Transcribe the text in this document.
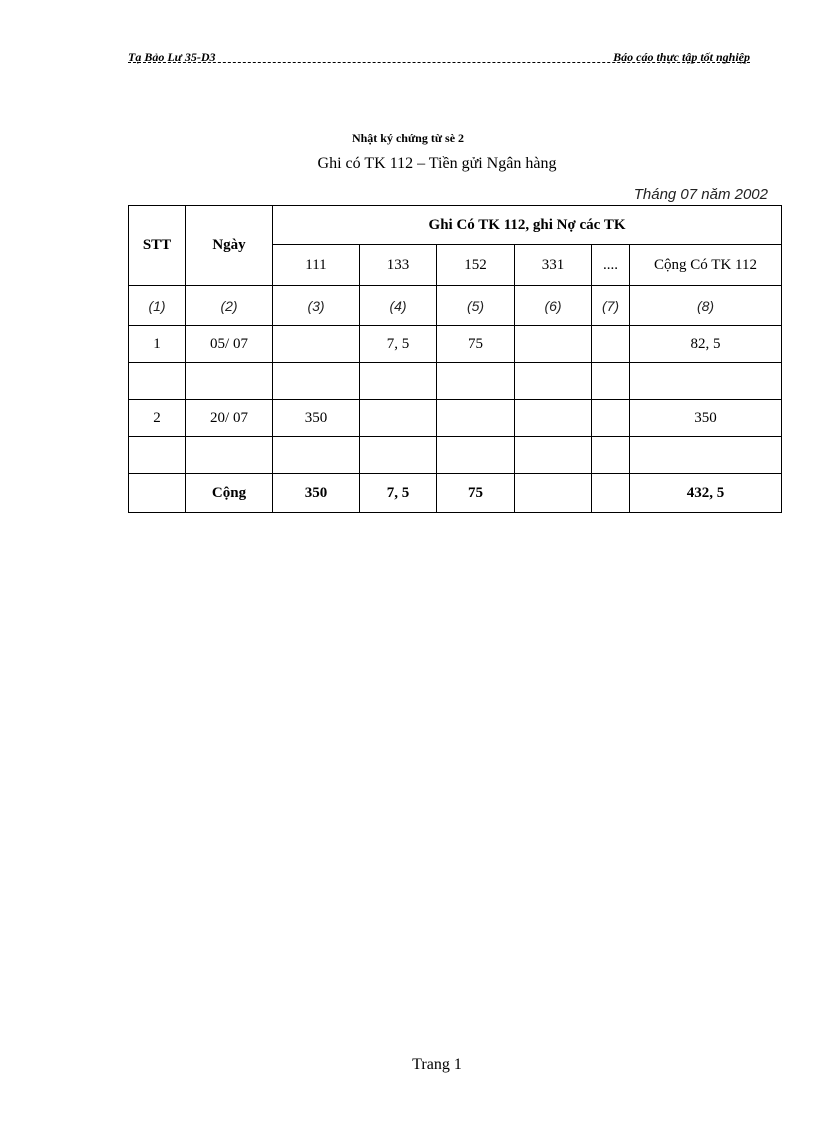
Tạ Bảo Lư 35-D3	Báo cáo thực tập tốt nghiệp
Nhật ký chứng từ sè 2
Ghi có TK 112 – Tiền gửi Ngân hàng
Tháng 07 năm 2002
STT	Ngày	Ghi Có TK 112, ghi Nợ các TK					
		111	133	152	331	....	Cộng Có TK 112
(1)	(2)	(3)	(4)	(5)	(6)	(7)	(8)
1	05/ 07		7, 5	75			82, 5

2	20/ 07	350					350

	Cộng	350	7, 5	75			432, 5
Trang 1
